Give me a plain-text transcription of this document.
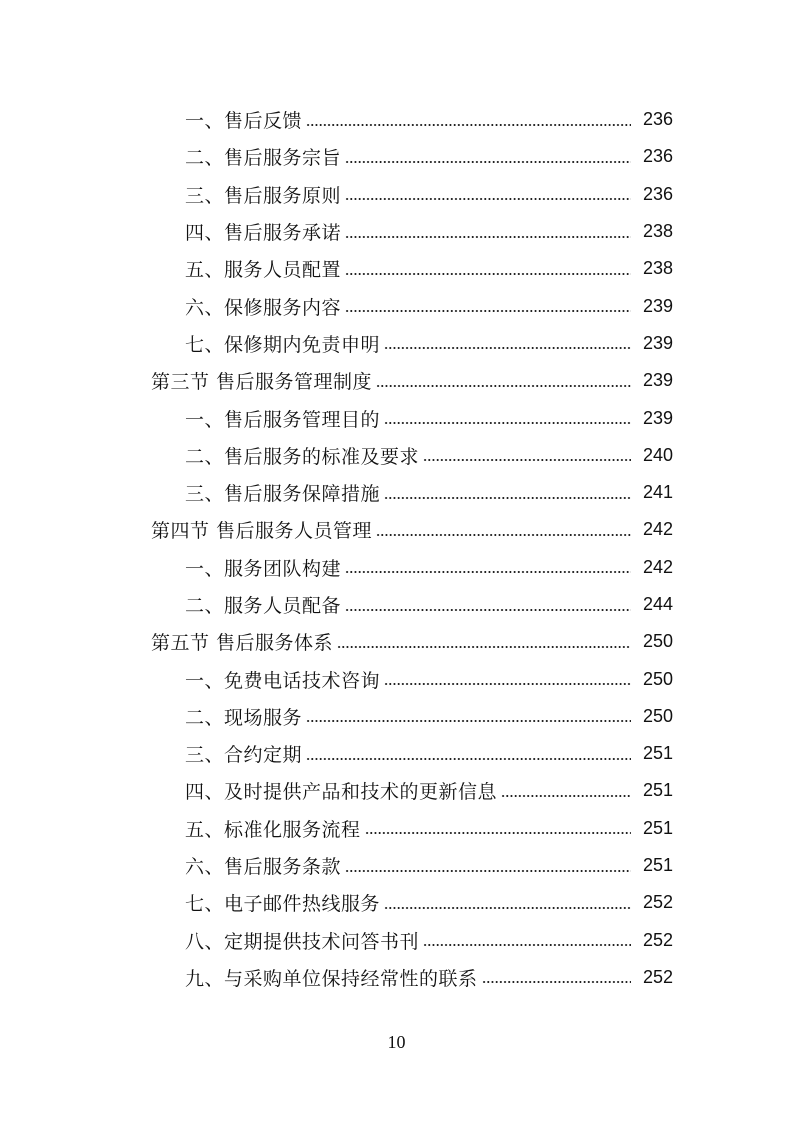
一、售后反馈	236
二、售后服务宗旨	236
三、售后服务原则	236
四、售后服务承诺	238
五、服务人员配置	238
六、保修服务内容	239
七、保修期内免责申明	239
第三节 售后服务管理制度	239
一、售后服务管理目的	239
二、售后服务的标准及要求	240
三、售后服务保障措施	241
第四节 售后服务人员管理	242
一、服务团队构建	242
二、服务人员配备	244
第五节 售后服务体系	250
一、免费电话技术咨询	250
二、现场服务	250
三、合约定期	251
四、及时提供产品和技术的更新信息	251
五、标准化服务流程	251
六、售后服务条款	251
七、电子邮件热线服务	252
八、定期提供技术问答书刊	252
九、与采购单位保持经常性的联系	252
10
